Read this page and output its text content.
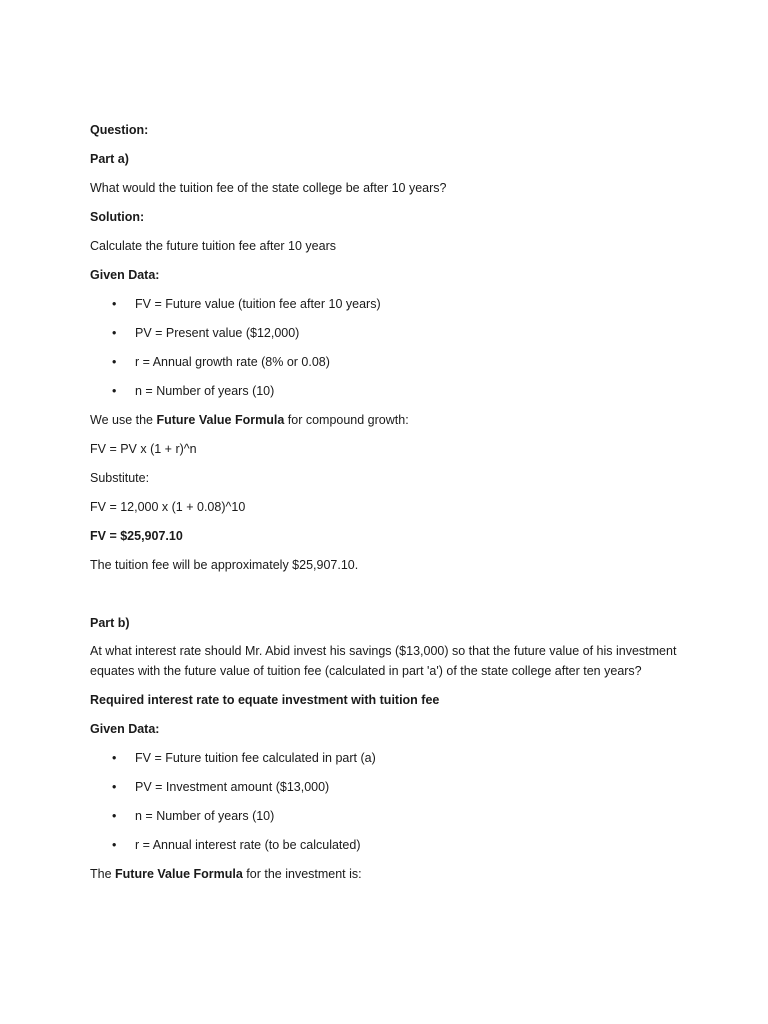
Question:

Part a)

What would the tuition fee of the state college be after 10 years?

Solution:

Calculate the future tuition fee after 10 years

Given Data:

• FV = Future value (tuition fee after 10 years)
• PV = Present value ($12,000)
• r = Annual growth rate (8% or 0.08)
• n = Number of years (10)

We use the Future Value Formula for compound growth:

FV = PV x (1 + r)^n

Substitute:

FV = 12,000 x (1 + 0.08)^10

FV = $25,907.10

The tuition fee will be approximately $25,907.10.

Part b)

At what interest rate should Mr. Abid invest his savings ($13,000) so that the future value of his investment equates with the future value of tuition fee (calculated in part 'a') of the state college after ten years?

Required interest rate to equate investment with tuition fee

Given Data:

• FV = Future tuition fee calculated in part (a)
• PV = Investment amount ($13,000)
• n = Number of years (10)
• r = Annual interest rate (to be calculated)

The Future Value Formula for the investment is:
